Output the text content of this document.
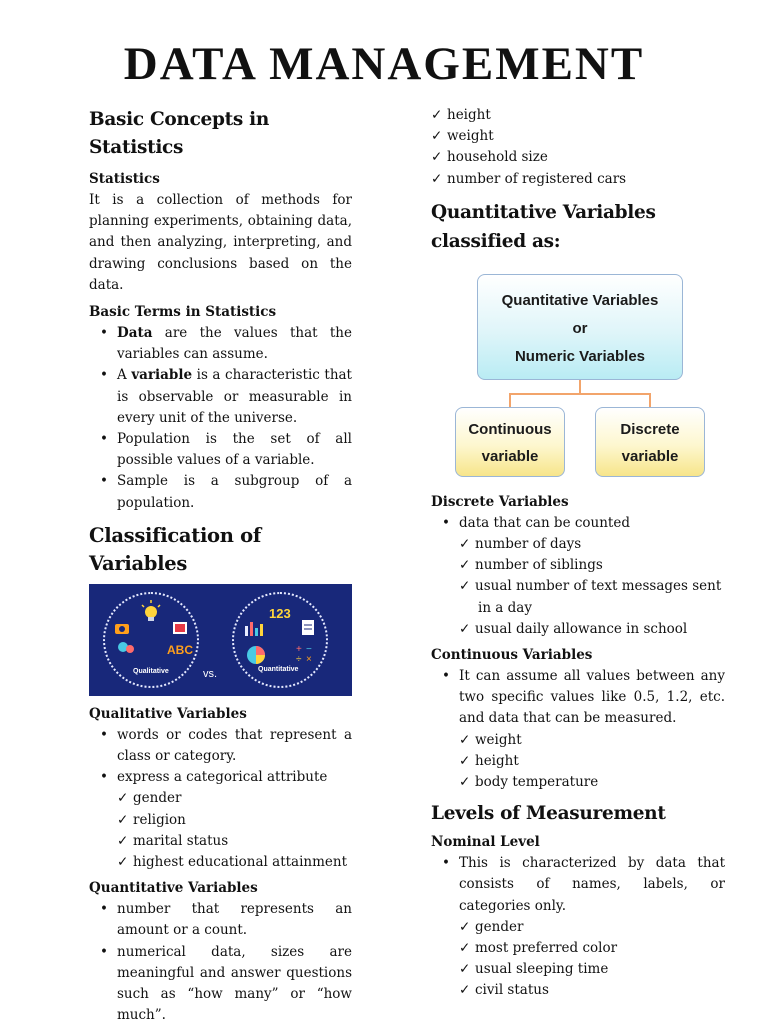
DATA MANAGEMENT
Basic Concepts in Statistics
Statistics
It is a collection of methods for planning experiments, obtaining data, and then analyzing, interpreting, and drawing conclusions based on the data.
Basic Terms in Statistics
• Data are the values that the variables can assume.
• A variable is a characteristic that is observable or measurable in every unit of the universe.
• Population is the set of all possible values of a variable.
• Sample is a subgroup of a population.
Classification of Variables
ABC
123
+ −
÷ ×
Qualitative	vs.	Quantitative
Qualitative Variables
• words or codes that represent a class or category.
• express a categorical attribute
✓ gender
✓ religion
✓ marital status
✓ highest educational attainment
Quantitative Variables
• number that represents an amount or a count.
• numerical data, sizes are meaningful and answer questions such as “how many” or “how much”.
✓ height
✓ weight
✓ household size
✓ number of registered cars
Quantitative Variables
classified as:
Quantitative Variables
or
Numeric Variables
Continuous
variable
Discrete
variable
Discrete Variables
• data that can be counted
✓ number of days
✓ number of siblings
✓ usual number of text messages sent
in a day
✓ usual daily allowance in school
Continuous Variables
• It can assume all values between any two specific values like 0.5, 1.2, etc. and data that can be measured.
✓ weight
✓ height
✓ body temperature
Levels of Measurement
Nominal Level
• This is characterized by data that consists of names, labels, or categories only.
✓ gender
✓ most preferred color
✓ usual sleeping time
✓ civil status
